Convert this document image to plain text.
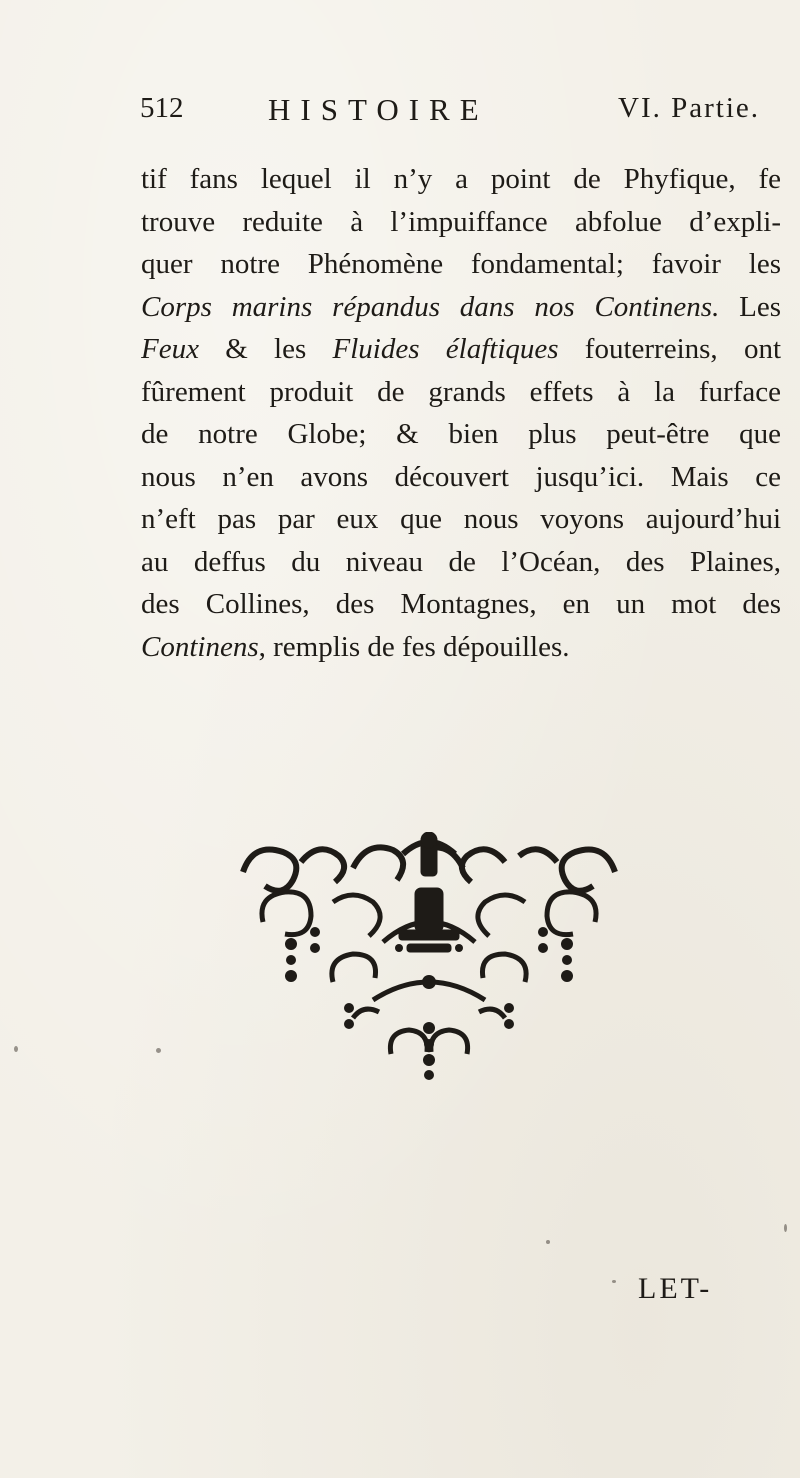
512	HISTOIRE	VI. Partie.
tif fans lequel il n’y a point de Phyfique, fe
trouve reduite à l’impuiffance abfolue d’expli-
quer notre Phénomène fondamental; favoir les
Corps marins répandus dans nos Continens. Les
Feux & les Fluides élaftiques fouterreins, ont
fûrement produit de grands effets à la furface
de notre Globe; & bien plus peut-être que
nous n’en avons découvert jusqu’ici. Mais ce
n’eft pas par eux que nous voyons aujourd’hui
au deffus du niveau de l’Océan, des Plaines,
des Collines, des Montagnes, en un mot des
Continens, remplis de fes dépouilles.
LET-
